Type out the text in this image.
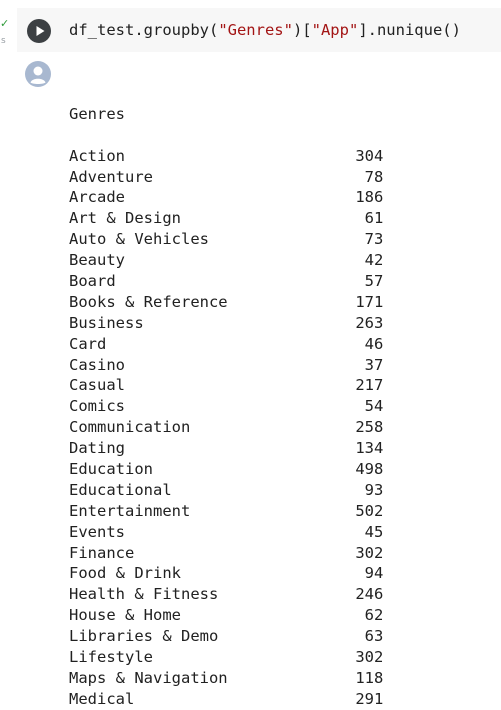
✓
s
df_test.groupby("Genres")["App"].nunique()

Genres

Action	304
Adventure	78
Arcade	186
Art & Design	61
Auto & Vehicles	73
Beauty	42
Board	57
Books & Reference	171
Business	263
Card	46
Casino	37
Casual	217
Comics	54
Communication	258
Dating	134
Education	498
Educational	93
Entertainment	502
Events	45
Finance	302
Food & Drink	94
Health & Fitness	246
House & Home	62
Libraries & Demo	63
Lifestyle	302
Maps & Navigation	118
Medical	291
